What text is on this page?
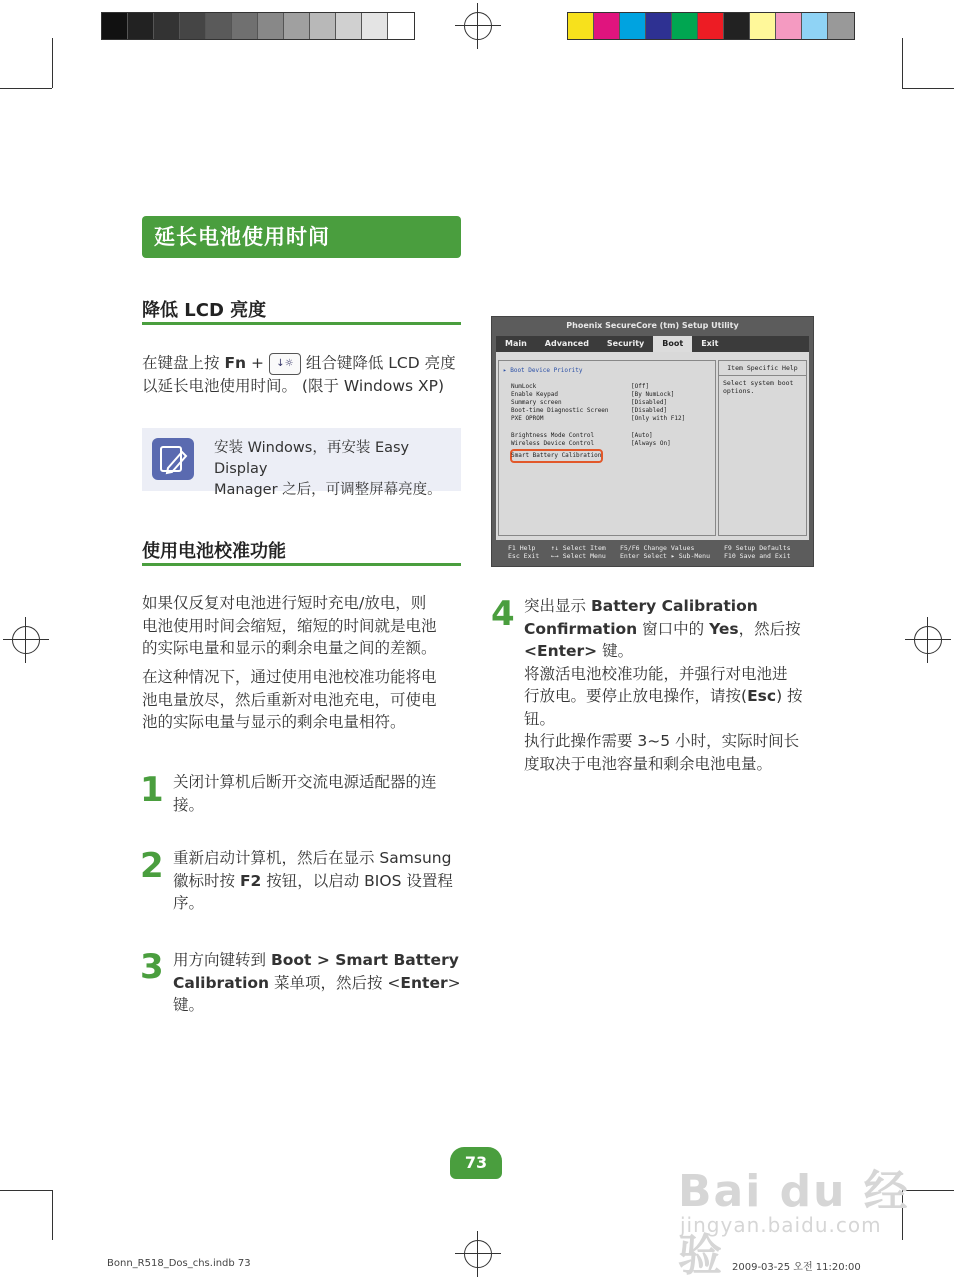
延长电池使用时间
降低 LCD 亮度
在键盘上按 Fn + ↓☼ 组合键降低 LCD 亮度
以延长电池使用时间。 (限于 Windows XP)
安装 Windows，再安装 Easy Display
Manager 之后，可调整屏幕亮度。
使用电池校准功能
如果仅反复对电池进行短时充电/放电，则
电池使用时间会缩短，缩短的时间就是电池
的实际电量和显示的剩余电量之间的差额。
在这种情况下，通过使用电池校准功能将电
池电量放尽，然后重新对电池充电，可使电
池的实际电量与显示的剩余电量相符。
1 关闭计算机后断开交流电源适配器的连
接。
2 重新启动计算机，然后在显示 Samsung
徽标时按 F2 按钮，以启动 BIOS 设置程
序。
3 用方向键转到 Boot > Smart Battery
Calibration 菜单项，然后按 <Enter>
键。
4 突出显示 Battery Calibration
Confirmation 窗口中的 Yes，然后按
<Enter> 键。
将激活电池校准功能，并强行对电池进
行放电。要停止放电操作，请按(Esc) 按
钮。
执行此操作需要 3~5 小时，实际时间长
度取决于电池容量和剩余电池电量。
Phoenix SecureCore (tm) Setup Utility
Main	Advanced	Security	Boot	Exit
▸ Boot Device Priority
NumLock	[Off]
Enable Keypad	[By NumLock]
Summary screen	[Disabled]
Boot-time Diagnostic Screen	[Disabled]
PXE OPROM	[Only with F12]
Brightness Mode Control	[Auto]
Wireless Device Control	[Always On]
Smart Battery Calibration
Item Specific Help
Select system boot options.
F1 Help
Esc Exit
↑↓ Select Item
←→ Select Menu
F5/F6 Change Values
Enter Select ▸ Sub-Menu
F9 Setup Defaults
F10 Save and Exit
73
Bai du 经验
jingyan.baidu.com
Bonn_R518_Dos_chs.indb 73	2009-03-25 오전 11:20:00
